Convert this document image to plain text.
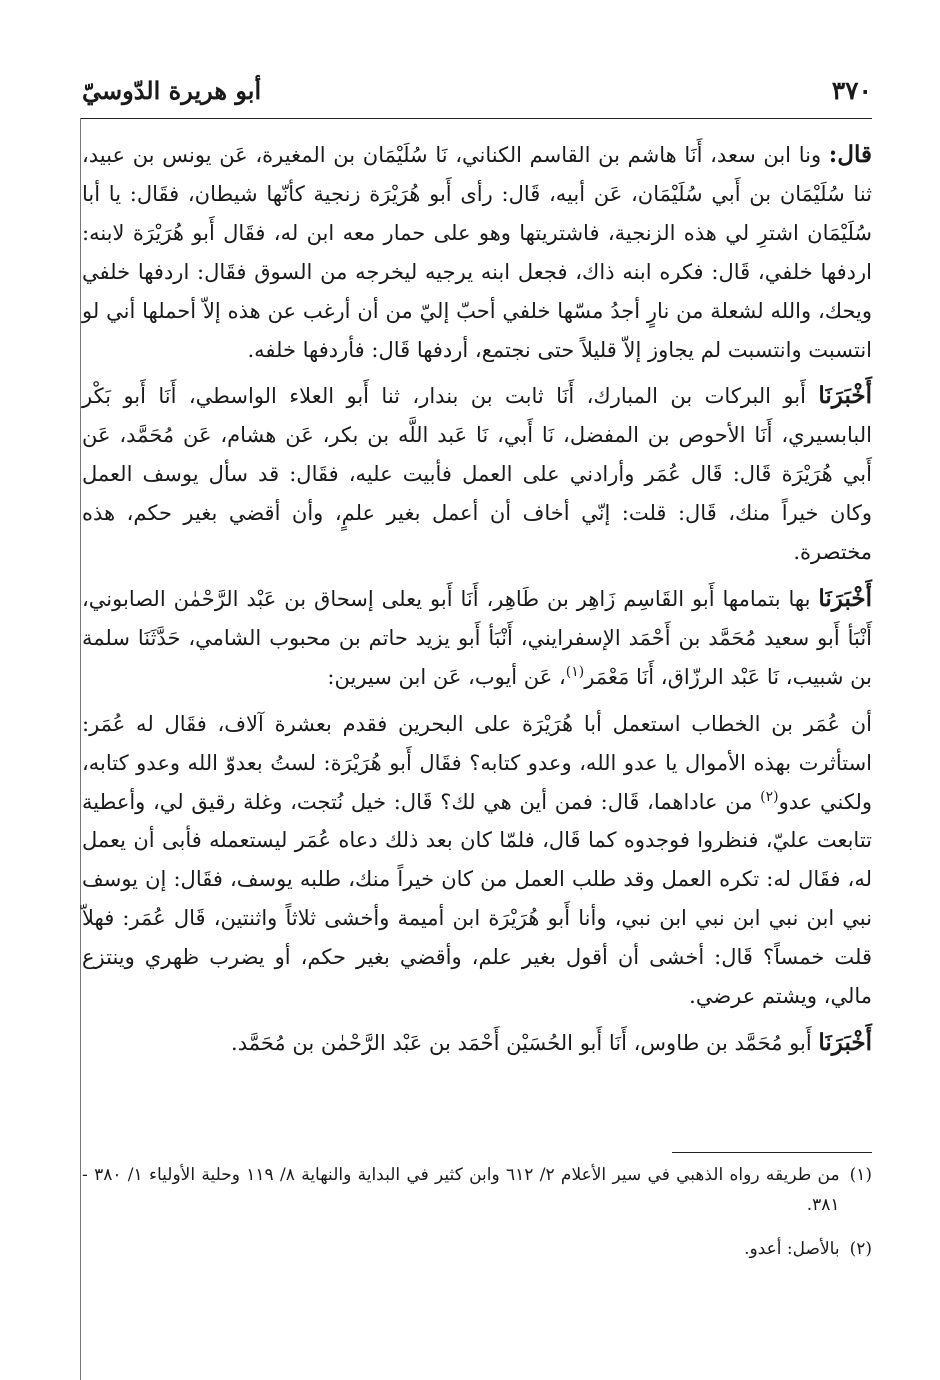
٣٧٠
أبو هريرة الدّوسيّ

قال: ونا ابن سعد، أَنَا هاشم بن القاسم الكناني، نَا سُلَيْمَان بن المغيرة، عَن يونس بن عبيد، ثنا سُلَيْمَان بن أَبي سُلَيْمَان، عَن أبيه، قَال: رأى أَبو هُرَيْرَة زنجية كأنّها شيطان، فقَال: يا أبا سُلَيْمَان اشترِ لي هذه الزنجية، فاشتريتها وهو على حمار معه ابن له، فقَال أَبو هُرَيْرَة لابنه: اردفها خلفي، قَال: فكره ابنه ذاك، فجعل ابنه يرجيه ليخرجه من السوق فقَال: اردفها خلفي ويحك، والله لشعلة من نارٍ أجدُ مسّها خلفي أحبّ إليّ من أن أرغب عن هذه إلاّ أحملها أني لو انتسبت وانتسبت لم يجاوز إلاّ قليلاً حتى نجتمع، أردفها قَال: فأردفها خلفه.

أَخْبَرَنَا أَبو البركات بن المبارك، أَنَا ثابت بن بندار، ثنا أَبو العلاء الواسطي، أَنَا أَبو بَكْر البابسيري، أَنَا الأحوص بن المفضل، نَا أَبي، نَا عَبد اللَّه بن بكر، عَن هشام، عَن مُحَمَّد، عَن أَبي هُرَيْرَة قَال: قَال عُمَر وأرادني على العمل فأبيت عليه، فقَال: قد سأل يوسف العمل وكان خيراً منك، قَال: قلت: إنّي أخاف أن أعمل بغير علمٍ، وأن أقضي بغير حكم، هذه مختصرة.

أَخْبَرَنَا بها بتمامها أَبو القَاسِم زَاهِر بن طَاهِر، أَنَا أَبو يعلى إسحاق بن عَبْد الرَّحْمٰن الصابوني، أَنْبَأ أَبو سعيد مُحَمَّد بن أَحْمَد الإسفرايني، أَنْبَأ أَبو يزيد حاتم بن محبوب الشامي، حَدَّثَنَا سلمة بن شبيب، نَا عَبْد الرزّاق، أَنَا مَعْمَر$^{(١)}$، عَن أيوب، عَن ابن سيرين:

أن عُمَر بن الخطاب استعمل أبا هُرَيْرَة على البحرين فقدم بعشرة آلاف، فقَال له عُمَر: استأثرت بهذه الأموال يا عدو الله، وعدو كتابه؟ فقَال أَبو هُرَيْرَة: لستُ بعدوّ الله وعدو كتابه، ولكني عدو$^{(٢)}$ من عاداهما، قَال: فمن أين هي لك؟ قَال: خيل نُتجت، وغلة رقيق لي، وأعطية تتابعت عليّ، فنظروا فوجدوه كما قَال، فلمّا كان بعد ذلك دعاه عُمَر ليستعمله فأبى أن يعمل له، فقَال له: تكره العمل وقد طلب العمل من كان خيراً منك، طلبه يوسف، فقَال: إن يوسف نبي ابن نبي ابن نبي ابن نبي، وأنا أَبو هُرَيْرَة ابن أميمة وأخشى ثلاثاً واثنتين، قَال عُمَر: فهلاّ قلت خمساً؟ قَال: أخشى أن أقول بغير علم، وأقضي بغير حكم، أو يضرب ظهري وينتزع مالي، ويشتم عرضي.

أَخْبَرَنَا أَبو مُحَمَّد بن طاوس، أَنَا أَبو الحُسَيْن أَحْمَد بن عَبْد الرَّحْمٰن بن مُحَمَّد.

(١)
من طريقه رواه الذهبي في سير الأعلام ٢/ ٦١٢ وابن كثير في البداية والنهاية ٨/ ١١٩ وحلية الأولياء ١/ ٣٨٠ - ٣٨١.
(٢)
بالأصل: أعدو.
